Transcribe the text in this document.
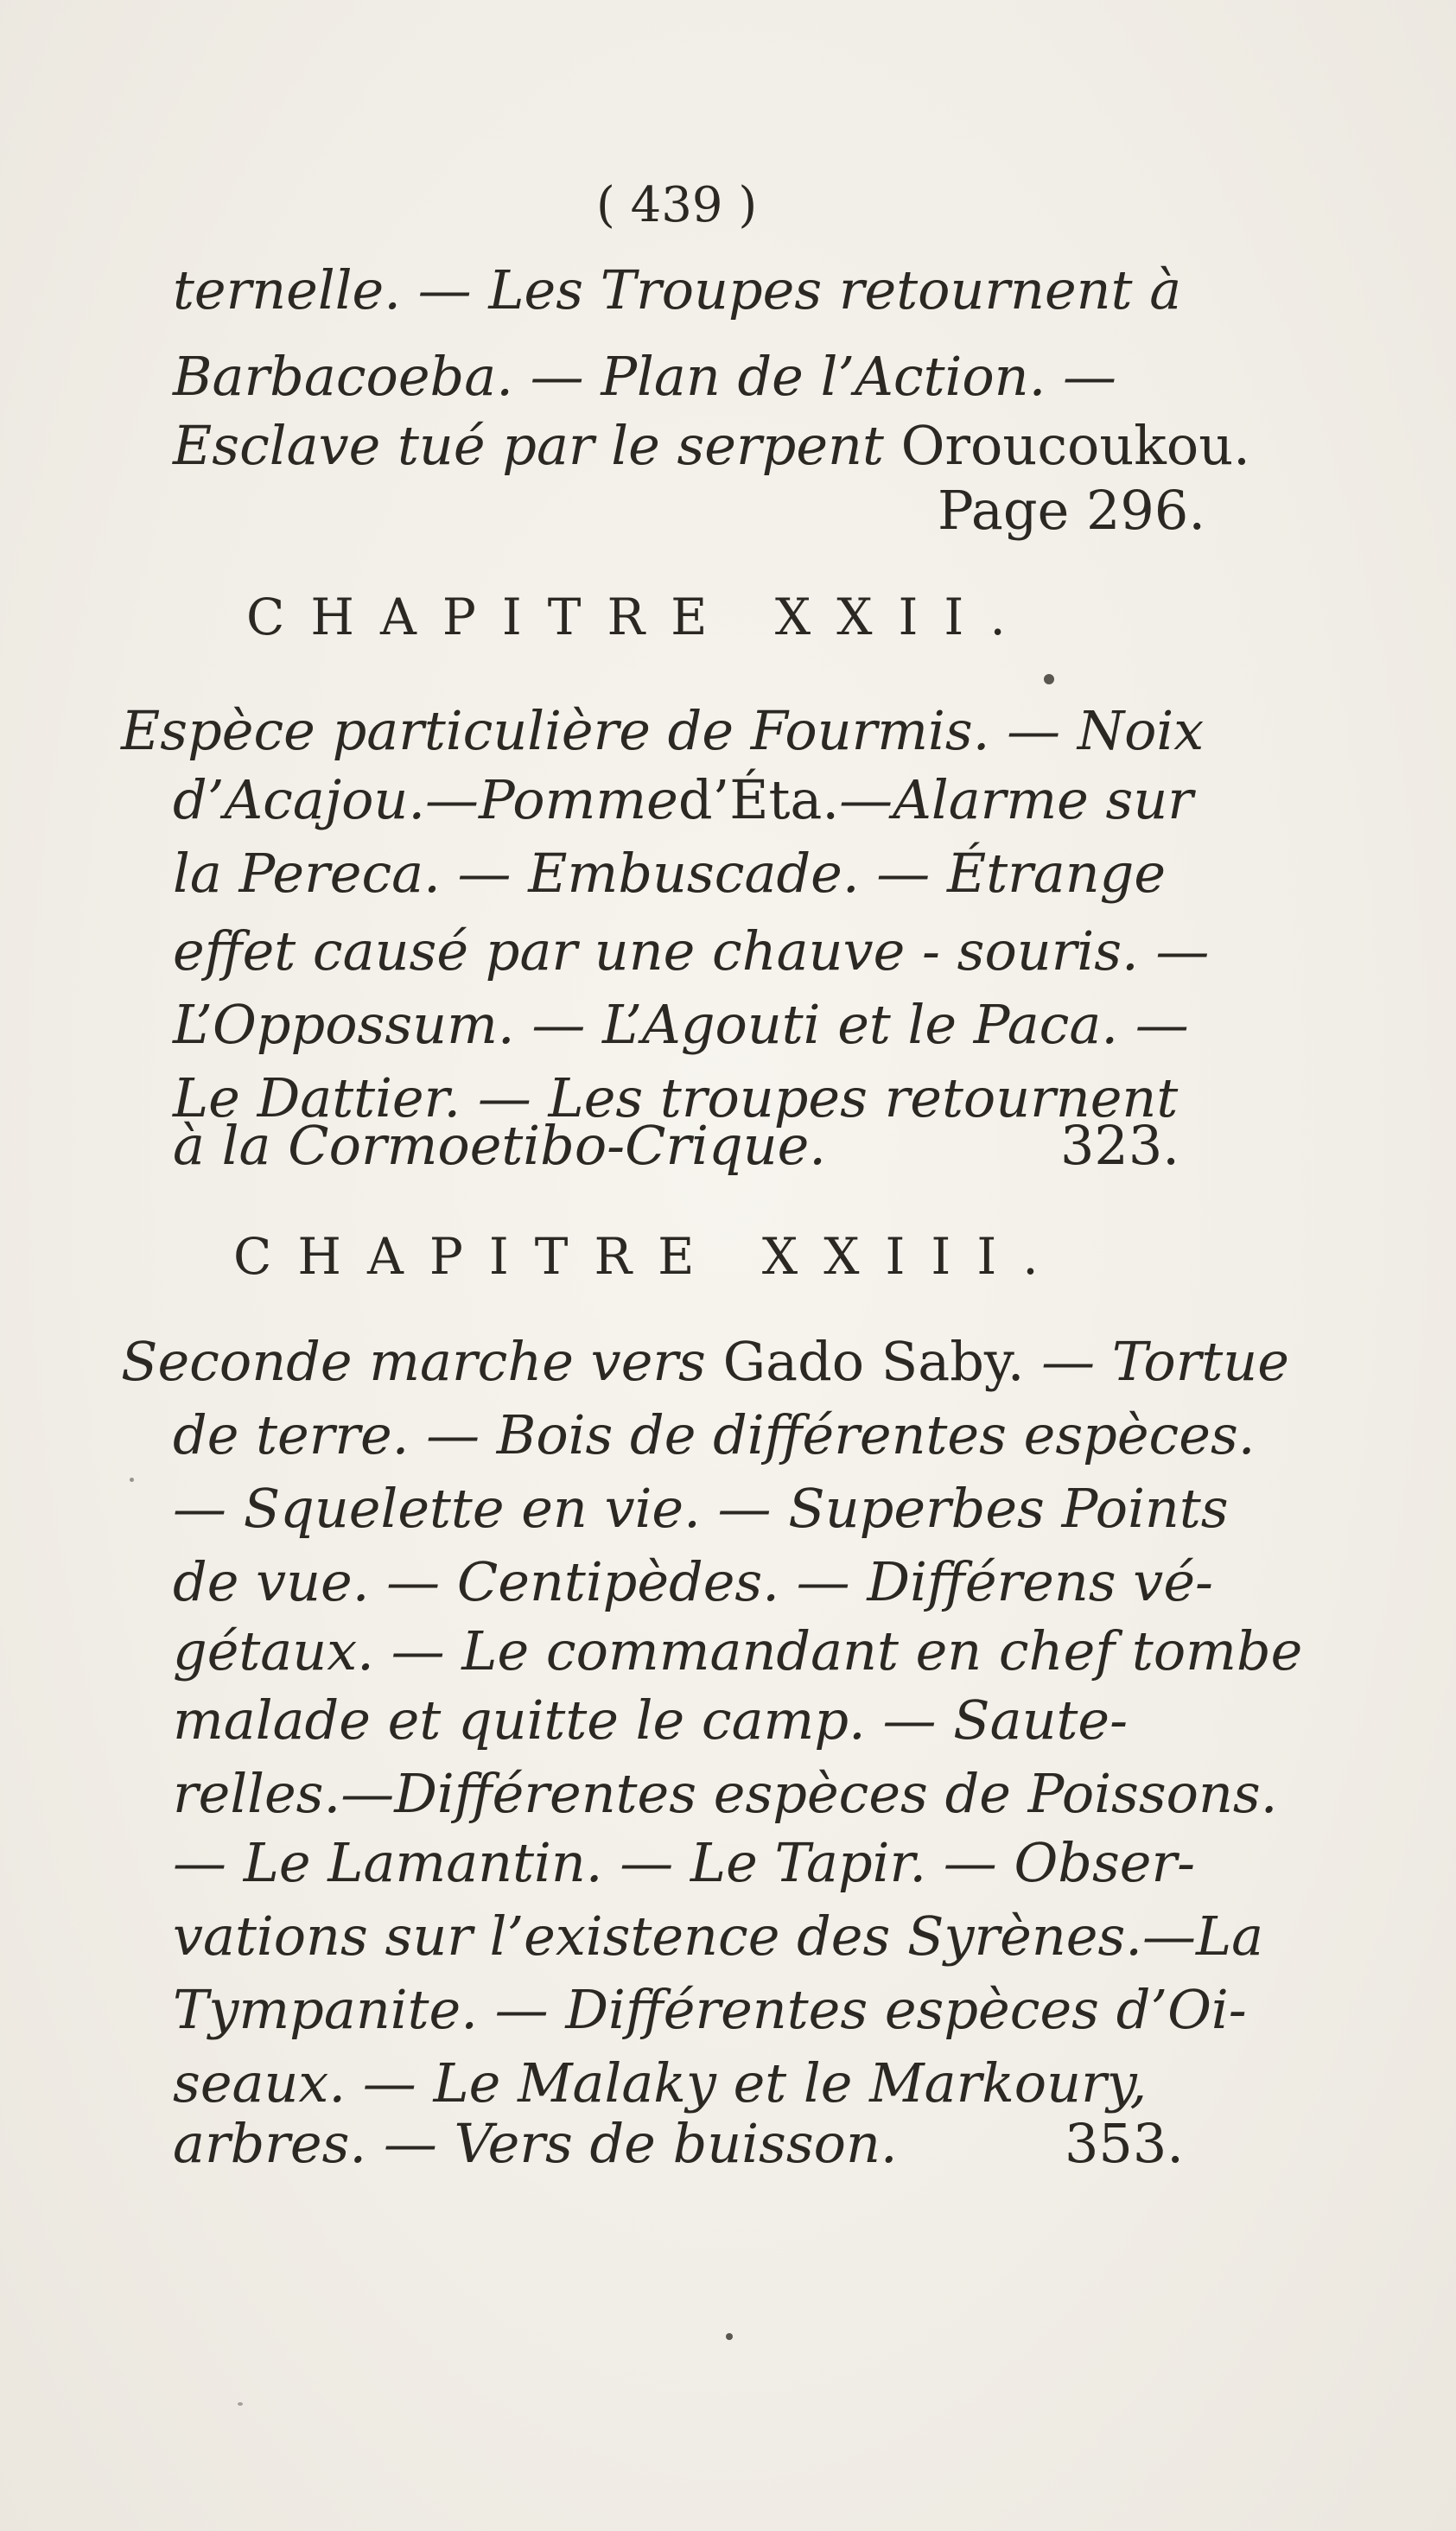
( 439 )
ternelle. — Les Troupes retournent à
Barbacoeba. — Plan de l’Action. —
Esclave tué par le serpent Oroucoukou.
Page 296.
CHAPITRE XXII.
Espèce particulière de Fourmis. — Noix
d’Acajou.—Pommed’Éta.—Alarme sur
la Pereca. — Embuscade. — Étrange
effet causé par une chauve - souris. —
L’Oppossum. — L’Agouti et le Paca. —
Le Dattier. — Les troupes retournent
à la Cormoetibo-Crique.	323.
CHAPITRE XXIII.
Seconde marche vers Gado Saby. — Tortue
de terre. — Bois de différentes espèces.
— Squelette en vie. — Superbes Points
de vue. — Centipèdes. — Différens vé-
gétaux. — Le commandant en chef tombe
malade et quitte le camp. — Saute-
relles.—Différentes espèces de Poissons.
— Le Lamantin. — Le Tapir. — Obser-
vations sur l’existence des Syrènes.—La
Tympanite. — Différentes espèces d’Oi-
seaux. — Le Malaky et le Markoury,
arbres. — Vers de buisson.	353.
